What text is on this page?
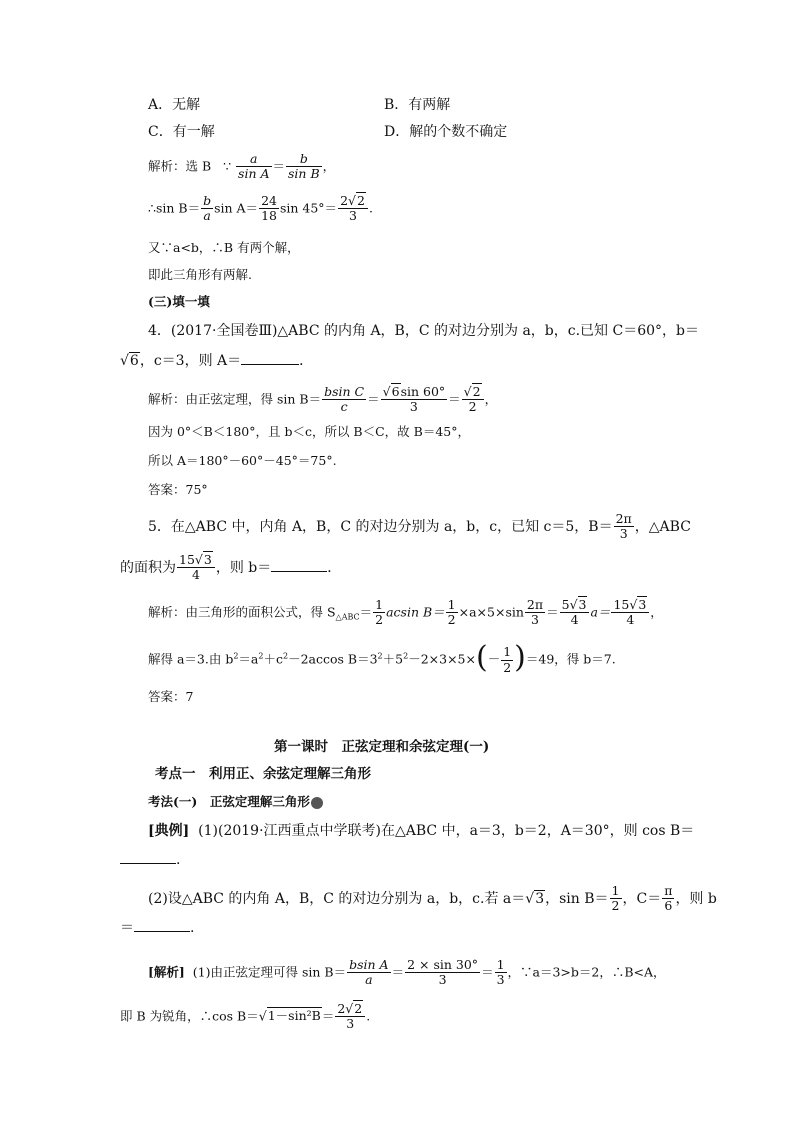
A．无解	B．有两解
C．有一解	D．解的个数不确定
解析：选 B ∵ $\frac{a}{\text{sin A}} = \frac{b}{\text{sin B}}$ ，
∴sin $B= \frac{b}{a}$ $\sin A= \frac{24}{18}$ $\sin 45^\circ= \frac{2√2}{3}$ .
又∵a<b，∴B 有两个解，
即此三角形有两解.
(三)填一填
4．(2017·全国卷Ⅲ)△ABC 的内角 A，B，C 的对边分别为 a，b，c.已知 C＝60°，b＝
√6，c＝3，则 A＝	．
解析：由正弦定理，得 $\sin B= \frac{\text{bsin C}}{c} = \frac{√6\sin 60^\circ}{3} = \frac{√2}{2}$ ，
因为 0°＜B＜180°，且 b＜c，所以 B＜C，故 B＝45°，
所以 A＝180°－60°－45°＝75°.
答案：75°
5．在△ABC 中，内角 A，B，C 的对边分别为 a，b，c，已知 c＝5，$B= \frac{2\pi}{3}$ ，△ABC
的面积为 $\frac{15√3}{4}$ ，则 b＝	．
解析：由三角形的面积公式，得 $S_{\triangle ABC}= \frac{1}{2}$ acsin $B= \frac{1}{2} \times a\times 5\times\sin \frac{2\pi}{3} = \frac{5√3}{4} a= \frac{15√3}{4}$ ，
解得 a＝3.由 $b^2=a^2+c^2-2accos$ $B=3^2+5^2-2\times 3\times 5\times(- \frac{1}{2} )=49$，得 b＝7.
答案：7
第一课时　正弦定理和余弦定理(一)
考点一　利用正、余弦定理解三角形
考法(一)　正弦定理解三角形
[典例] (1)(2019·江西重点中学联考)在△ABC 中，a＝3，b＝2，A＝30°，则 cos B＝
.
(2)设△ABC 的内角 A，B，C 的对边分别为 a，b，c.若 a＝√3，$\sin B= \frac{1}{2}$ ，$C= \frac{\pi}{6}$ ，则 b
＝	.
[解析] (1)由正弦定理可得 $\sin B= \frac{\text{bsin A}}{a} = \frac{2 \times \sin 30^\circ}{3} = \frac{1}{3}$ ，∵a＝3>b＝2，∴B<A，
即 B 为锐角，∴cos $B=√1-\sin^2B= \frac{2√2}{3}$ .
